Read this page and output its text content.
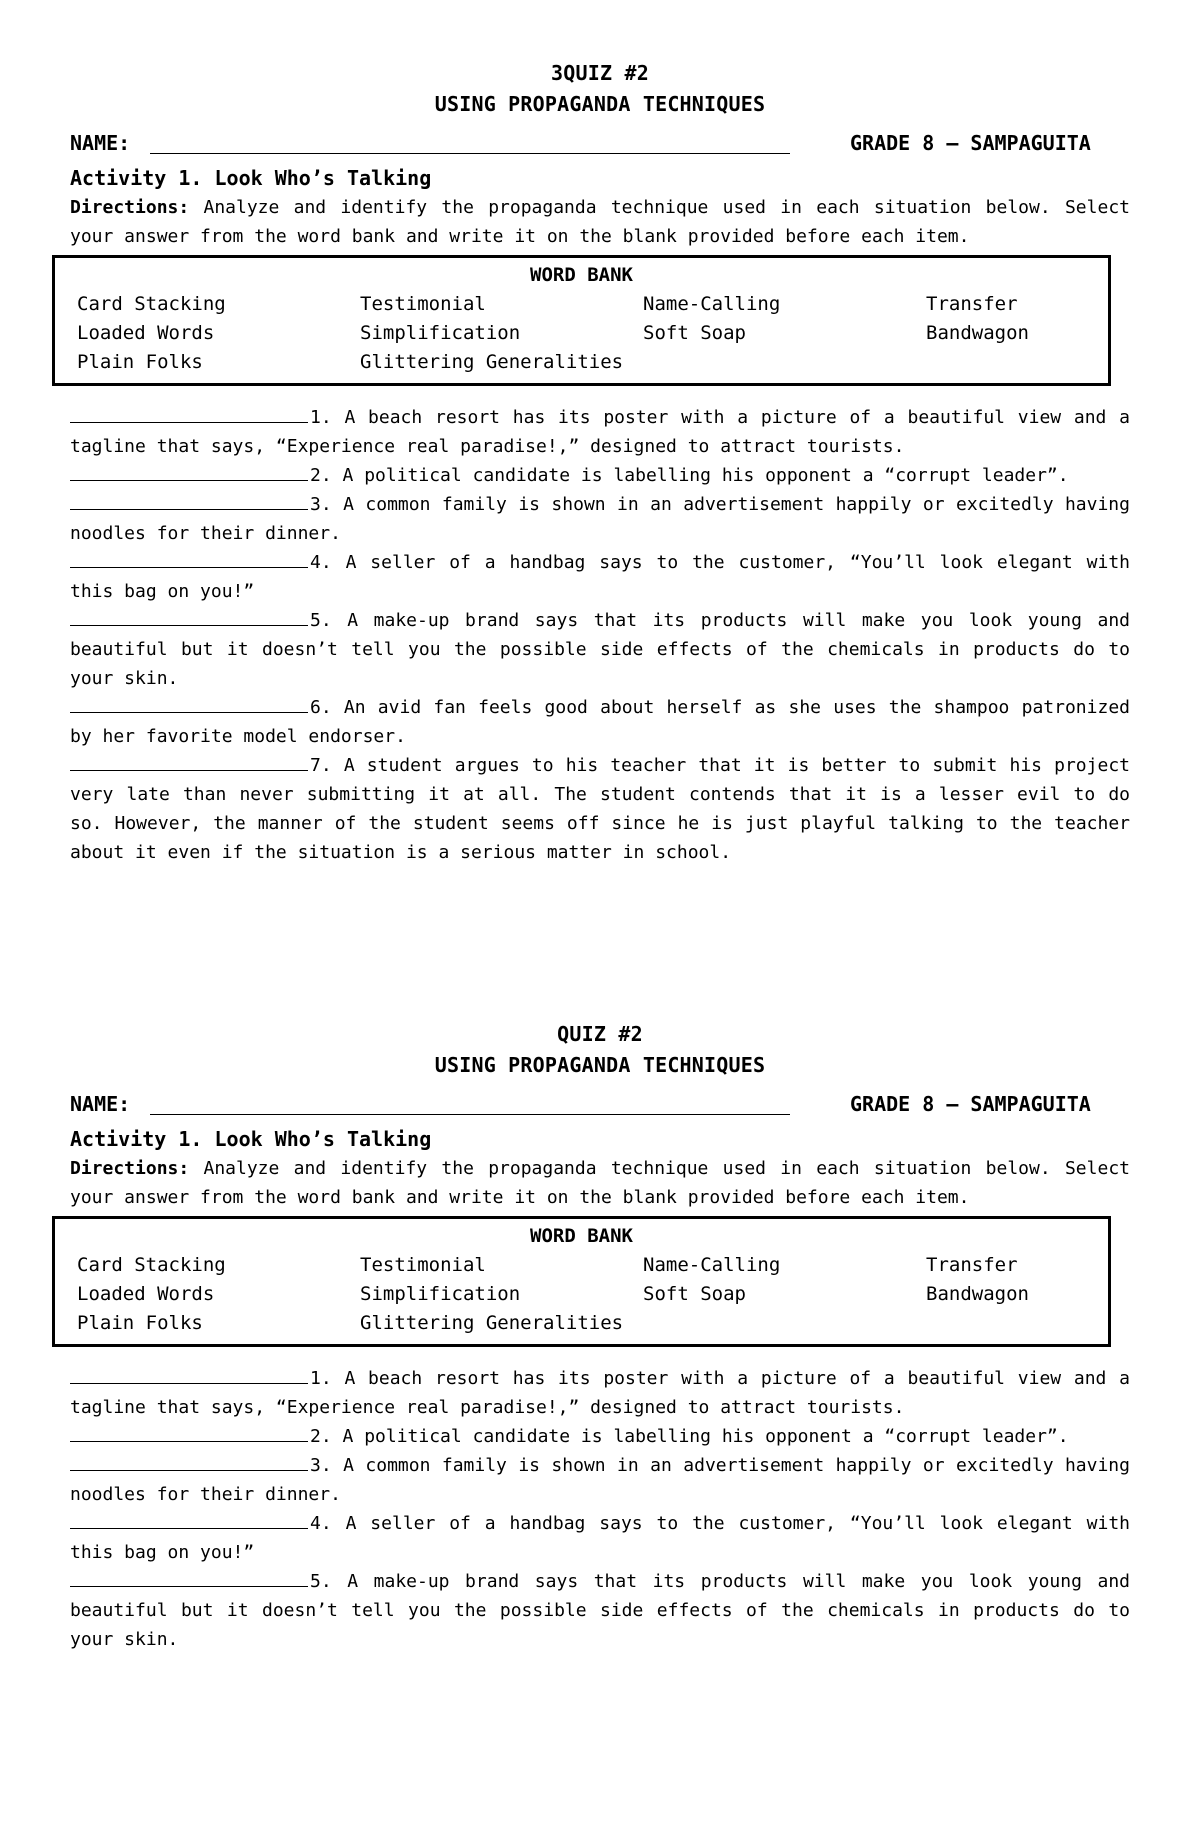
3QUIZ #2
USING PROPAGANDA TECHNIQUES
NAME:	GRADE 8 – SAMPAGUITA
Activity 1. Look Who’s Talking

Directions: Analyze and identify the propaganda technique used in each situation below. Select your answer from the word bank and write it on the blank provided before each item.

WORD BANK
Card Stacking	Testimonial	Name-Calling	Transfer
Loaded Words	Simplification	Soft Soap	Bandwagon
Plain Folks	Glittering Generalities

1. A beach resort has its poster with a picture of a beautiful view and a tagline that says, “Experience real paradise!,” designed to attract tourists.

2. A political candidate is labelling his opponent a “corrupt leader”.

3. A common family is shown in an advertisement happily or excitedly having noodles for their dinner.

4. A seller of a handbag says to the customer, “You’ll look elegant with this bag on you!”

5. A make-up brand says that its products will make you look young and beautiful but it doesn’t tell you the possible side effects of the chemicals in products do to your skin.

6. An avid fan feels good about herself as she uses the shampoo patronized by her favorite model endorser.

7. A student argues to his teacher that it is better to submit his project very late than never submitting it at all. The student contends that it is a lesser evil to do so. However, the manner of the student seems off since he is just playful talking to the teacher about it even if the situation is a serious matter in school.

QUIZ #2
USING PROPAGANDA TECHNIQUES
NAME:	GRADE 8 – SAMPAGUITA
Activity 1. Look Who’s Talking

Directions: Analyze and identify the propaganda technique used in each situation below. Select your answer from the word bank and write it on the blank provided before each item.

WORD BANK
Card Stacking	Testimonial	Name-Calling	Transfer
Loaded Words	Simplification	Soft Soap	Bandwagon
Plain Folks	Glittering Generalities

1. A beach resort has its poster with a picture of a beautiful view and a tagline that says, “Experience real paradise!,” designed to attract tourists.

2. A political candidate is labelling his opponent a “corrupt leader”.

3. A common family is shown in an advertisement happily or excitedly having noodles for their dinner.

4. A seller of a handbag says to the customer, “You’ll look elegant with this bag on you!”

5. A make-up brand says that its products will make you look young and beautiful but it doesn’t tell you the possible side effects of the chemicals in products do to your skin.
